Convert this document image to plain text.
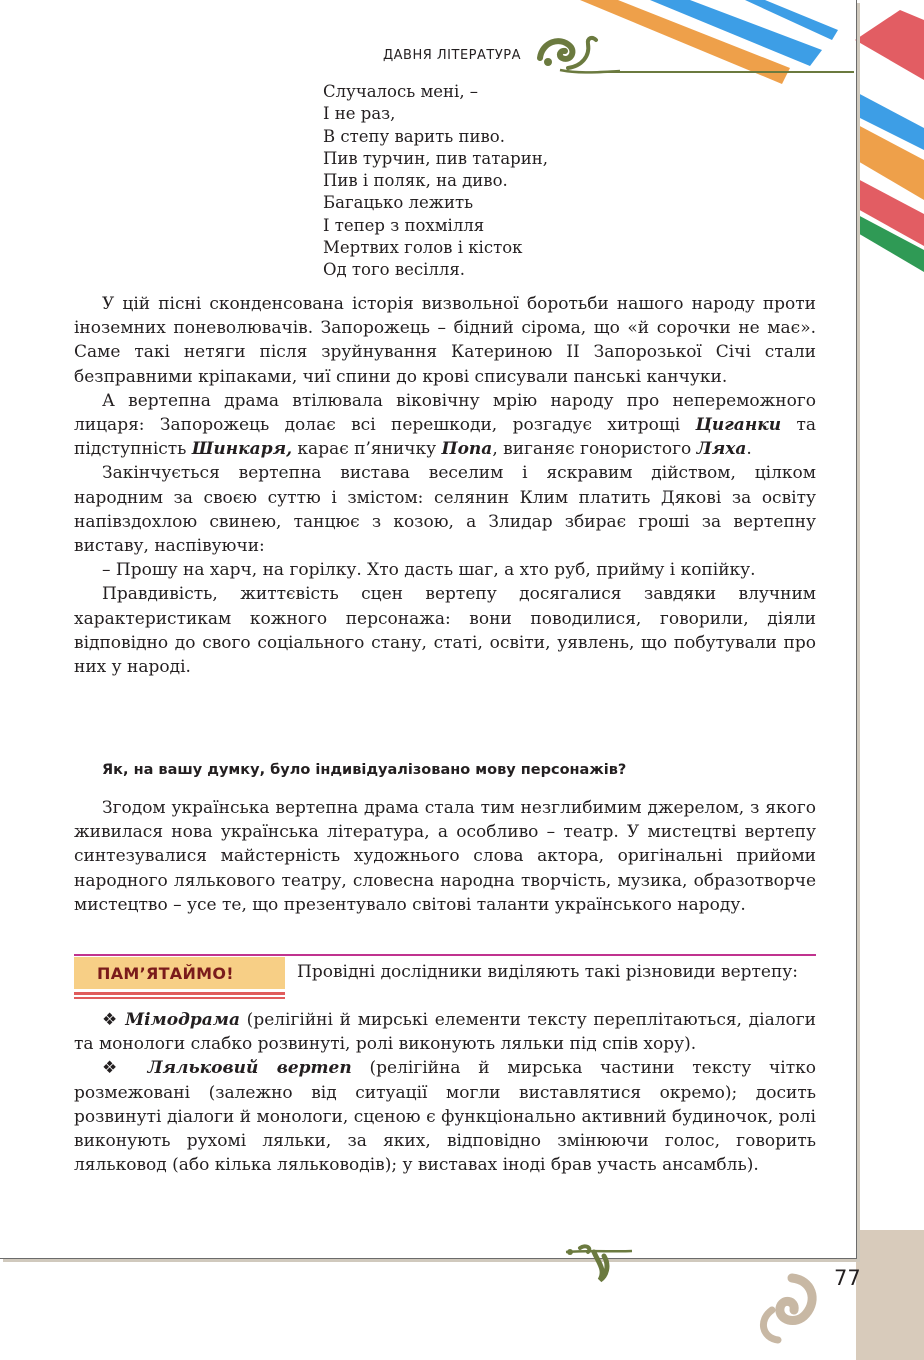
ДАВНЯ ЛІТЕРАТУРА
Случалось мені, –
І не раз,
В степу варить пиво.
Пив турчин, пив татарин,
Пив і поляк, на диво.
Багацько лежить
І тепер з похмілля
Мертвих голов і кісток
Од того весілля.

У цій пісні сконденсована історія визвольної боротьби нашого народу проти іноземних поневолювачів. Запорожець – бідний сірома, що «й сорочки не має». Саме такі нетяги після зруйнування Катериною ІІ Запорозької Січі стали безправними кріпаками, чиї спини до крові списували панські канчуки.

А вертепна драма втілювала віковічну мрію народу про непереможного лицаря: Запорожець долає всі перешкоди, розгадує хитрощі Циганки та підступність Шинкаря, карає п’яничку Попа, виганяє гонористого Ляха.

Закінчується вертепна вистава веселим і яскравим дійством, цілком народним за своєю суттю і змістом: селянин Клим платить Дякові за освіту напівздохлою свинею, танцює з козою, а Злидар збирає гроші за вертепну виставу, наспівуючи:

– Прошу на харч, на горілку. Хто дасть шаг, а хто руб, прийму і копійку.

Правдивість, життєвість сцен вертепу досягалися завдяки влучним характеристикам кожного персонажа: вони поводилися, говорили, діяли відповідно до свого соціального стану, статі, освіти, уявлень, що побутували про них у народі.

Як, на вашу думку, було індивідуалізовано мову персонажів?

Згодом українська вертепна драма стала тим незглибимим джерелом, з якого живилася нова українська література, а особливо – театр. У мистецтві вертепу синтезувалися майстерність художнього слова актора, оригінальні прийоми народного лялькового театру, словесна народна творчість, музика, образотворче мистецтво – усе те, що презентувало світові таланти українського народу.

ПАМ’ЯТАЙМО!	Провідні дослідники виділяють такі різновиди вертепу:

❖ Мімодрама (релігійні й мирські елементи тексту переплітаються, діалоги та монологи слабко розвинуті, ролі виконують ляльки під спів хору).

❖ Ляльковий вертеп (релігійна й мирська частини тексту чітко розмежовані (залежно від ситуації могли виставлятися окремо); досить розвинуті діалоги й монологи, сценою є функціонально активний будиночок, ролі виконують рухомі ляльки, за яких, відповідно змінюючи голос, говорить ляльковод (або кілька ляльководів); у виставах іноді брав участь ансамбль).

77
